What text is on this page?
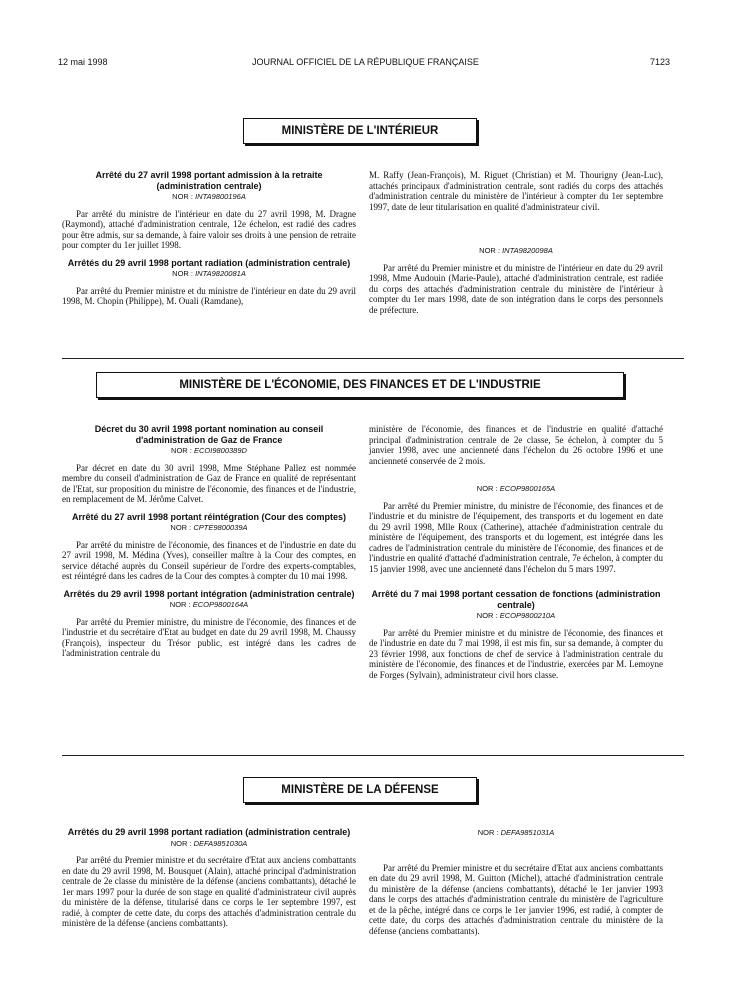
12 mai 1998	JOURNAL OFFICIEL DE LA RÉPUBLIQUE FRANÇAISE	7123
MINISTÈRE DE L'INTÉRIEUR

Arrêté du 27 avril 1998 portant admission à la retraite (administration centrale)

NOR : INTA9800196A

Par arrêté du ministre de l'intérieur en date du 27 avril 1998, M. Dragne (Raymond), attaché d'administration centrale, 12e échelon, est radié des cadres pour être admis, sur sa demande, à faire valoir ses droits à une pension de retraite pour compter du 1er juillet 1998.

Arrêtés du 29 avril 1998 portant radiation (administration centrale)

NOR : INTA9820081A

Par arrêté du Premier ministre et du ministre de l'intérieur en date du 29 avril 1998, M. Chopin (Philippe), M. Ouali (Ramdane),

M. Raffy (Jean-François), M. Riguet (Christian) et M. Thourigny (Jean-Luc), attachés principaux d'administration centrale, sont radiés du corps des attachés d'administration centrale du ministère de l'intérieur à compter du 1er septembre 1997, date de leur titularisation en qualité d'administrateur civil.

NOR : INTA9820098A

Par arrêté du Premier ministre et du ministre de l'intérieur en date du 29 avril 1998, Mme Audouin (Marie-Paule), attaché d'administration centrale, est radiée du corps des attachés d'administration centrale du ministère de l'intérieur à compter du 1er mars 1998, date de son intégration dans le corps des personnels de préfecture.

MINISTÈRE DE L'ÉCONOMIE, DES FINANCES ET DE L'INDUSTRIE

Décret du 30 avril 1998 portant nomination au conseil d'administration de Gaz de France

NOR : ECOI9800389D

Par décret en date du 30 avril 1998, Mme Stéphane Pallez est nommée membre du conseil d'administration de Gaz de France en qualité de représentant de l'Etat, sur proposition du ministre de l'économie, des finances et de l'industrie, en remplacement de M. Jérôme Calvet.

Arrêté du 27 avril 1998 portant réintégration (Cour des comptes)

NOR : CPTE9800039A

Par arrêté du ministre de l'économie, des finances et de l'industrie en date du 27 avril 1998, M. Médina (Yves), conseiller maître à la Cour des comptes, en service détaché auprès du Conseil supérieur de l'ordre des experts-comptables, est réintégré dans les cadres de la Cour des comptes à compter du 10 mai 1998.

Arrêtés du 29 avril 1998 portant intégration (administration centrale)

NOR : ECOP9800164A

Par arrêté du Premier ministre, du ministre de l'économie, des finances et de l'industrie et du secrétaire d'Etat au budget en date du 29 avril 1998, M. Chaussy (François), inspecteur du Trésor public, est intégré dans les cadres de l'administration centrale du

ministère de l'économie, des finances et de l'industrie en qualité d'attaché principal d'administration centrale de 2e classe, 5e échelon, à compter du 5 janvier 1998, avec une ancienneté dans l'échelon du 26 octobre 1996 et une ancienneté conservée de 2 mois.

NOR : ECOP9800165A

Par arrêté du Premier ministre, du ministre de l'économie, des finances et de l'industrie et du ministre de l'équipement, des transports et du logement en date du 29 avril 1998, Mlle Roux (Catherine), attachée d'administration centrale du ministère de l'équipement, des transports et du logement, est intégrée dans les cadres de l'administration centrale du ministère de l'économie, des finances et de l'industrie en qualité d'attaché d'administration centrale, 7e échelon, à compter du 15 janvier 1998, avec une ancienneté dans l'échelon du 5 mars 1997.

Arrêté du 7 mai 1998 portant cessation de fonctions (administration centrale)

NOR : ECOP9800210A

Par arrêté du Premier ministre et du ministre de l'économie, des finances et de l'industrie en date du 7 mai 1998, il est mis fin, sur sa demande, à compter du 23 février 1998, aux fonctions de chef de service à l'administration centrale du ministère de l'économie, des finances et de l'industrie, exercées par M. Lemoyne de Forges (Sylvain), administrateur civil hors classe.

MINISTÈRE DE LA DÉFENSE

Arrêtés du 29 avril 1998 portant radiation (administration centrale)

NOR : DEFA9851030A

Par arrêté du Premier ministre et du secrétaire d'Etat aux anciens combattants en date du 29 avril 1998, M. Bousquet (Alain), attaché principal d'administration centrale de 2e classe du ministère de la défense (anciens combattants), détaché le 1er mars 1997 pour la durée de son stage en qualité d'administrateur civil auprès du ministère de la défense, titularisé dans ce corps le 1er septembre 1997, est radié, à compter de cette date, du corps des attachés d'administration centrale du ministère de la défense (anciens combattants).

NOR : DEFA9851031A

Par arrêté du Premier ministre et du secrétaire d'Etat aux anciens combattants en date du 29 avril 1998, M. Guitton (Michel), attaché d'administration centrale du ministère de la défense (anciens combattants), détaché le 1er janvier 1993 dans le corps des attachés d'administration centrale du ministère de l'agriculture et de la pêche, intégré dans ce corps le 1er janvier 1996, est radié, à compter de cette date, du corps des attachés d'administration centrale du ministère de la défense (anciens combattants).
